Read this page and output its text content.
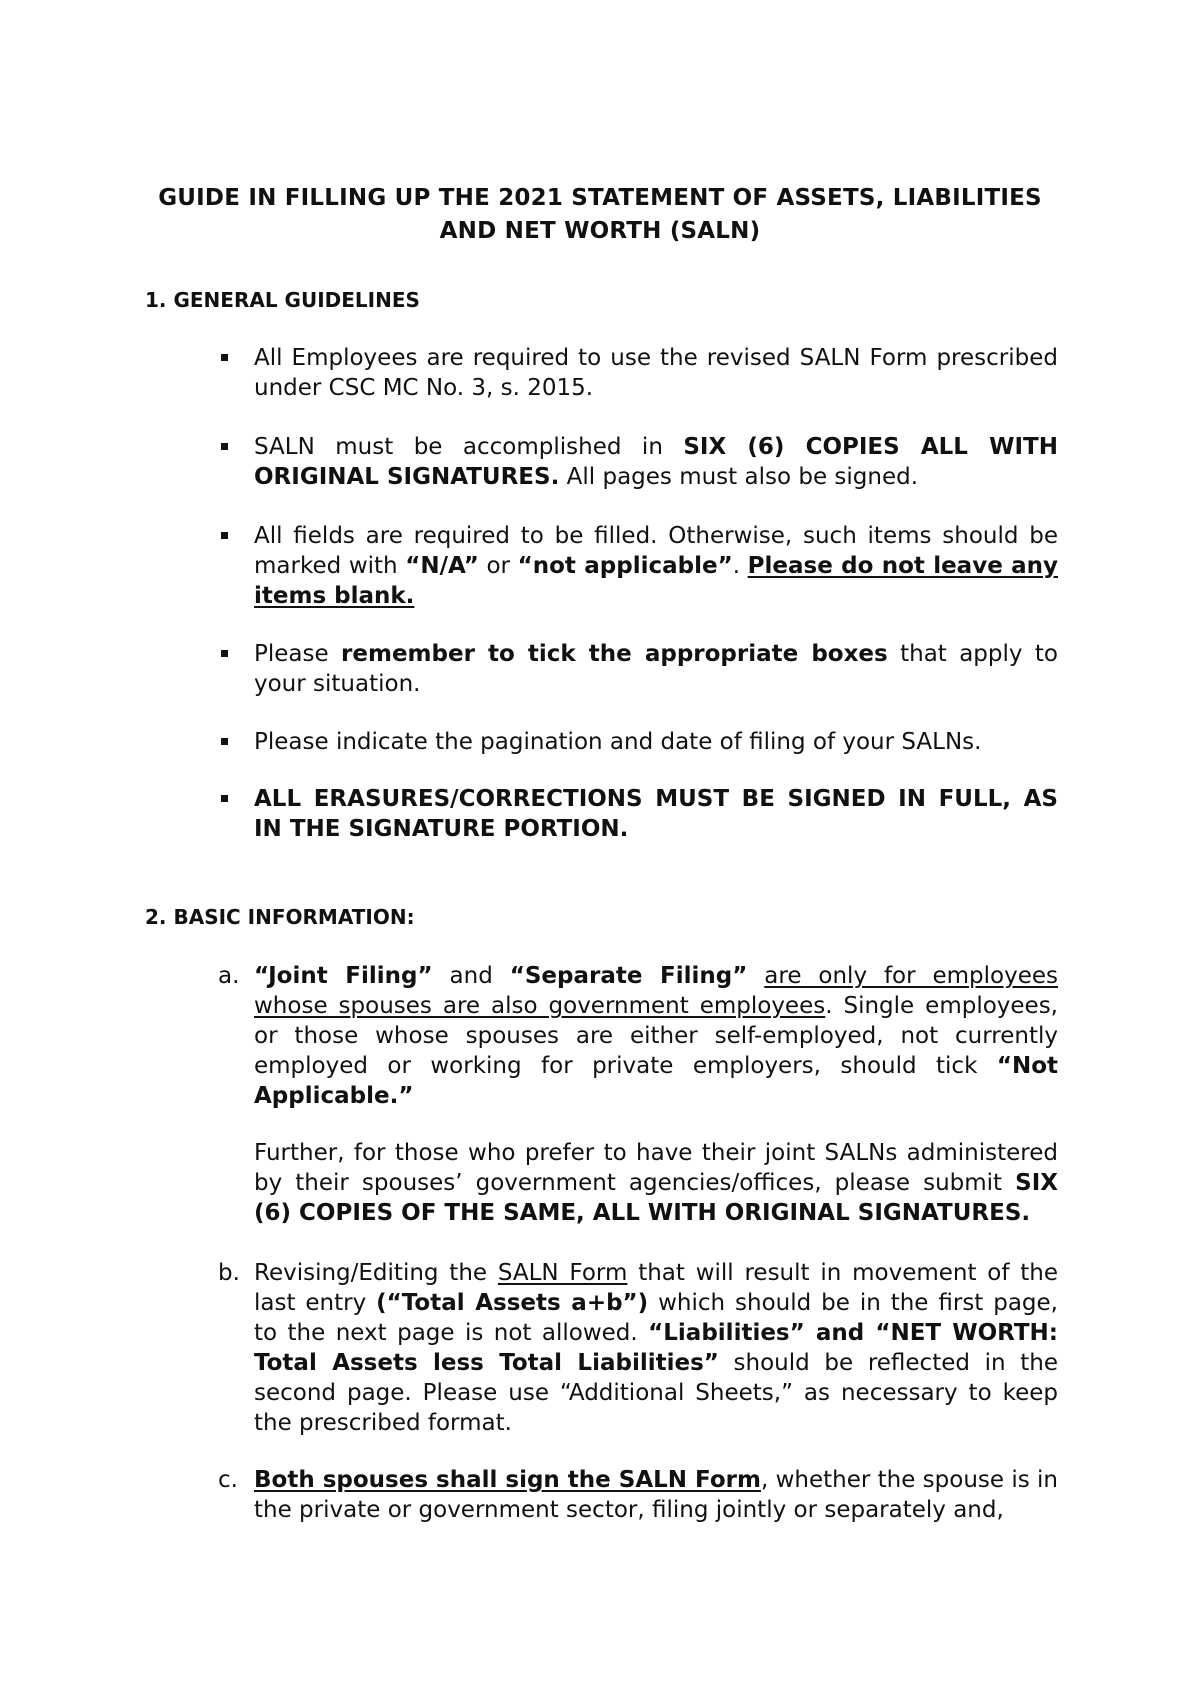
GUIDE IN FILLING UP THE 2021 STATEMENT OF ASSETS, LIABILITIES
AND NET WORTH (SALN)
1. GENERAL GUIDELINES

All Employees are required to use the revised SALN Form prescribed under CSC MC No. 3, s. 2015.

SALN must be accomplished in SIX (6) COPIES ALL WITH ORIGINAL SIGNATURES. All pages must also be signed.

All fields are required to be filled. Otherwise, such items should be marked with “N/A” or “not applicable”. Please do not leave any items blank.

Please remember to tick the appropriate boxes that apply to your situation.

Please indicate the pagination and date of filing of your SALNs.

ALL ERASURES/CORRECTIONS MUST BE SIGNED IN FULL, AS IN THE SIGNATURE PORTION.

2. BASIC INFORMATION:
a. “Joint Filing” and “Separate Filing” are only for employees whose spouses are also government employees. Single employees, or those whose spouses are either self-employed, not currently employed or working for private employers, should tick “Not Applicable.”

Further, for those who prefer to have their joint SALNs administered by their spouses’ government agencies/offices, please submit SIX (6) COPIES OF THE SAME, ALL WITH ORIGINAL SIGNATURES.

b. Revising/Editing the SALN Form that will result in movement of the last entry (“Total Assets a+b”) which should be in the first page, to the next page is not allowed. “Liabilities” and “NET WORTH: Total Assets less Total Liabilities” should be reflected in the second page. Please use “Additional Sheets,” as necessary to keep the prescribed format.

c. Both spouses shall sign the SALN Form, whether the spouse is in the private or government sector, filing jointly or separately and,
